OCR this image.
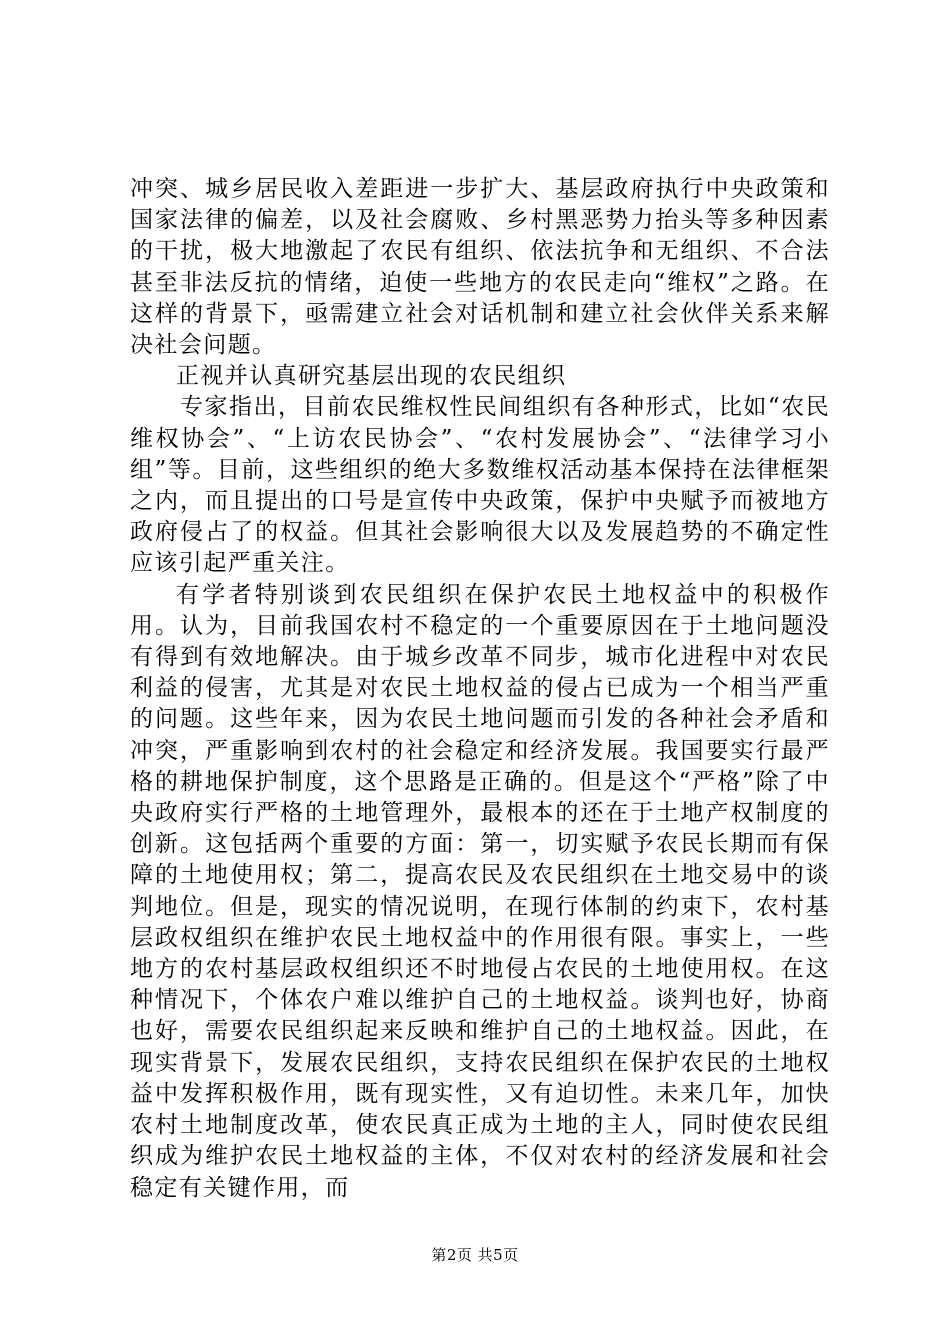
冲突、城乡居民收入差距进一步扩大、基层政府执行中央政策和国家法律的偏差，以及社会腐败、乡村黑恶势力抬头等多种因素的干扰，极大地激起了农民有组织、依法抗争和无组织、不合法甚至非法反抗的情绪，迫使一些地方的农民走向“维权”之路。在这样的背景下，亟需建立社会对话机制和建立社会伙伴关系来解决社会问题。

正视并认真研究基层出现的农民组织

专家指出，目前农民维权性民间组织有各种形式，比如“农民维权协会”、“上访农民协会”、“农村发展协会”、“法律学习小组”等。目前，这些组织的绝大多数维权活动基本保持在法律框架之内，而且提出的口号是宣传中央政策，保护中央赋予而被地方政府侵占了的权益。但其社会影响很大以及发展趋势的不确定性应该引起严重关注。

有学者特别谈到农民组织在保护农民土地权益中的积极作用。认为，目前我国农村不稳定的一个重要原因在于土地问题没有得到有效地解决。由于城乡改革不同步，城市化进程中对农民利益的侵害，尤其是对农民土地权益的侵占已成为一个相当严重的问题。这些年来，因为农民土地问题而引发的各种社会矛盾和冲突，严重影响到农村的社会稳定和经济发展。我国要实行最严格的耕地保护制度，这个思路是正确的。但是这个“严格”除了中央政府实行严格的土地管理外，最根本的还在于土地产权制度的创新。这包括两个重要的方面：第一，切实赋予农民长期而有保障的土地使用权；第二，提高农民及农民组织在土地交易中的谈判地位。但是，现实的情况说明，在现行体制的约束下，农村基层政权组织在维护农民土地权益中的作用很有限。事实上，一些地方的农村基层政权组织还不时地侵占农民的土地使用权。在这种情况下，个体农户难以维护自己的土地权益。谈判也好，协商也好，需要农民组织起来反映和维护自己的土地权益。因此，在现实背景下，发展农民组织，支持农民组织在保护农民的土地权益中发挥积极作用，既有现实性，又有迫切性。未来几年，加快农村土地制度改革，使农民真正成为土地的主人，同时使农民组织成为维护农民土地权益的主体，不仅对农村的经济发展和社会稳定有关键作用，而

第2页 共5页
